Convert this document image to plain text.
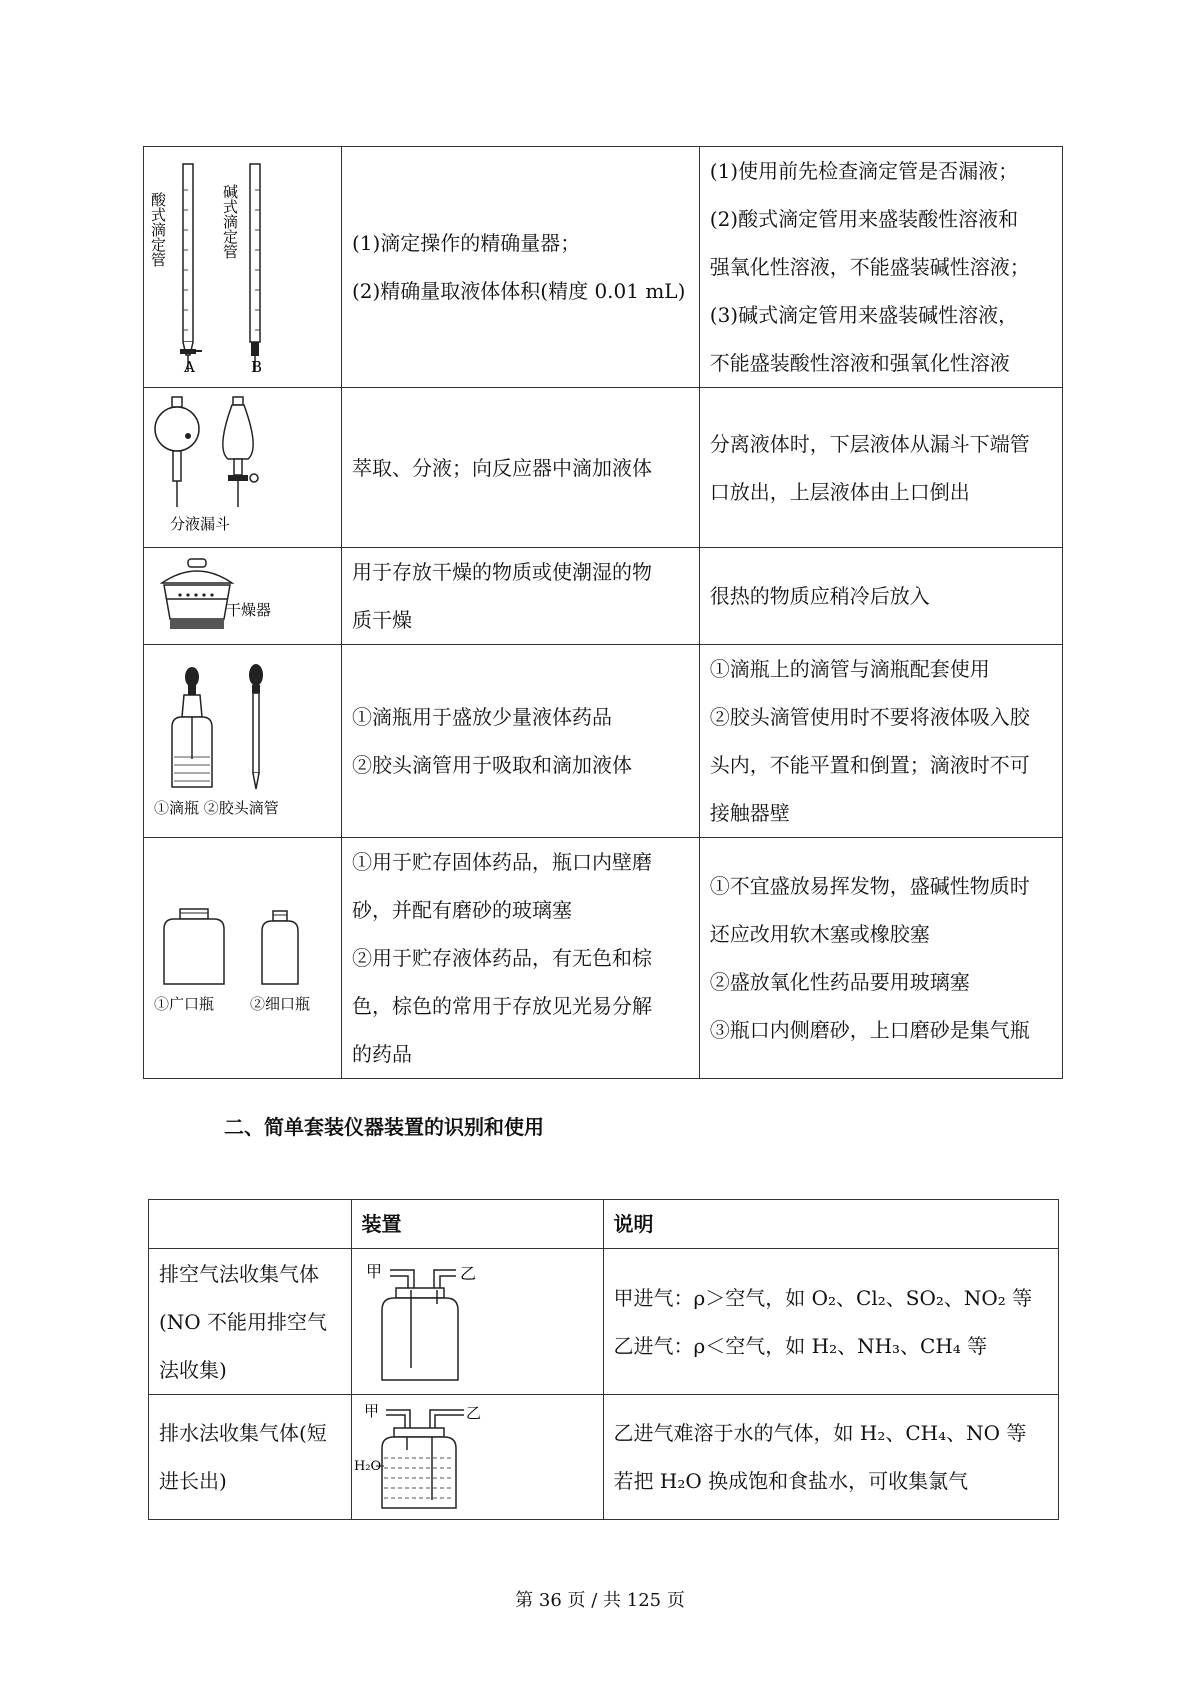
酸式滴定管 碱式滴定管
A B	(1)滴定操作的精确量器；
(2)精确量取液体体积(精度 0.01 mL)	(1)使用前先检查滴定管是否漏液；
(2)酸式滴定管用来盛装酸性溶液和
强氧化性溶液，不能盛装碱性溶液；
(3)碱式滴定管用来盛装碱性溶液，
不能盛装酸性溶液和强氧化性溶液

分液漏斗	萃取、分液；向反应器中滴加液体	分离液体时，下层液体从漏斗下端管
口放出，上层液体由上口倒出

干燥器	用于存放干燥的物质或使潮湿的物
质干燥	很热的物质应稍冷后放入

①滴瓶 ②胶头滴管	①滴瓶用于盛放少量液体药品
②胶头滴管用于吸取和滴加液体	①滴瓶上的滴管与滴瓶配套使用
②胶头滴管使用时不要将液体吸入胶
头内，不能平置和倒置；滴液时不可
接触器壁

①广口瓶 ②细口瓶	①用于贮存固体药品，瓶口内壁磨
砂，并配有磨砂的玻璃塞
②用于贮存液体药品，有无色和棕
色，棕色的常用于存放见光易分解
的药品	①不宜盛放易挥发物，盛碱性物质时
还应改用软木塞或橡胶塞
②盛放氧化性药品要用玻璃塞
③瓶口内侧磨砂，上口磨砂是集气瓶
二、简单套装仪器装置的识别和使用
	装置	说明

排空气法收集气体
(NO 不能用排空气
法收集)	甲 乙	甲进气：ρ＞空气，如 O₂、Cl₂、SO₂、NO₂ 等
乙进气：ρ＜空气，如 H₂、NH₃、CH₄ 等

排水法收集气体(短
进长出)	甲 乙
H₂O	乙进气难溶于水的气体，如 H₂、CH₄、NO 等
若把 H₂O 换成饱和食盐水，可收集氯气
第 36 页 / 共 125 页
